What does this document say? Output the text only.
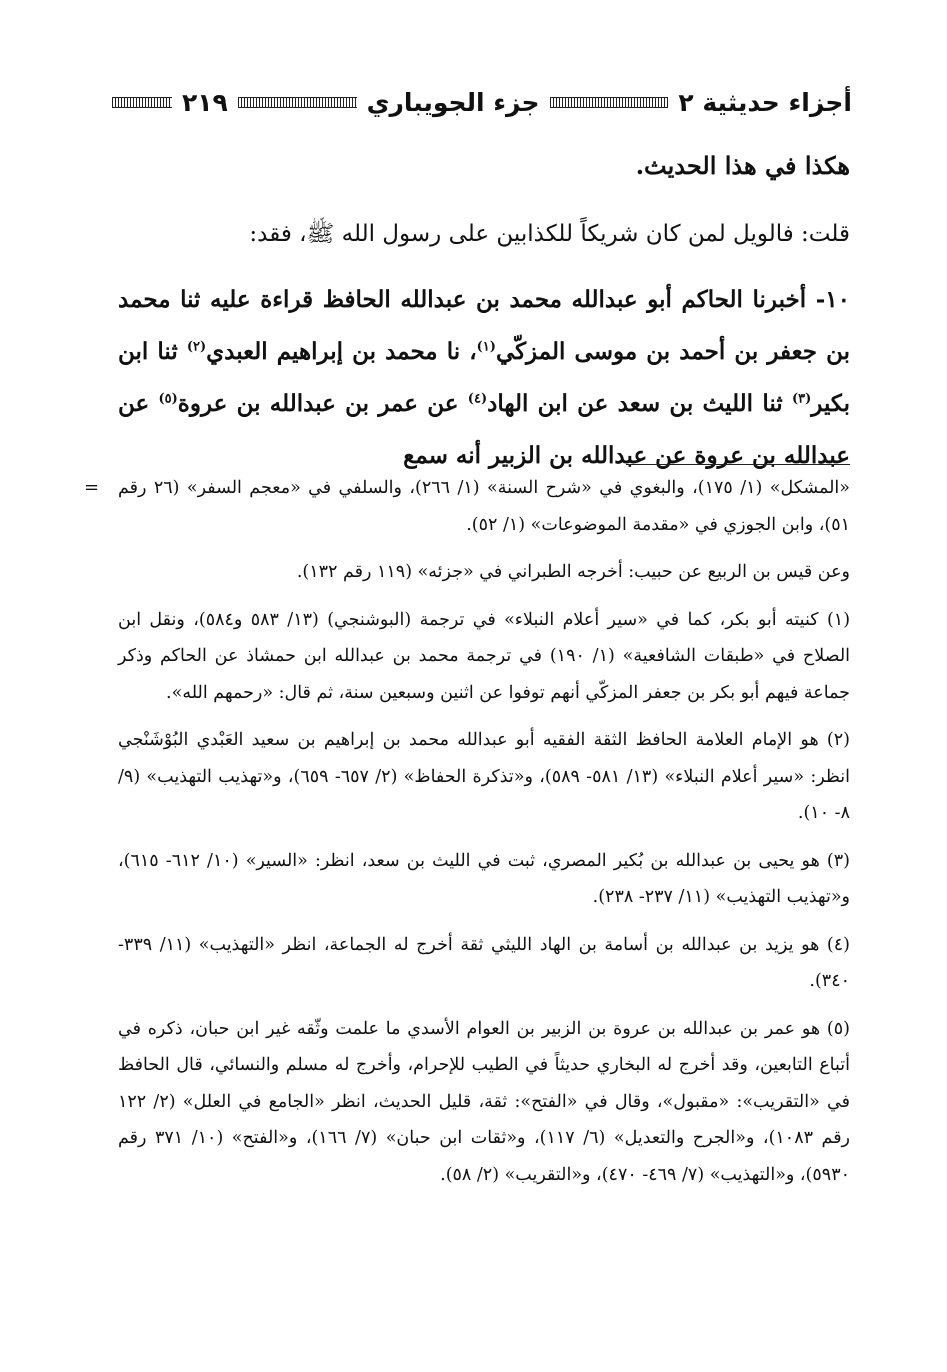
أجزاء حديثية ٢
جزء الجويباري
٢١٩

هكذا في هذا الحديث.

قلت: فالويل لمن كان شريكاً للكذابين على رسول الله ﷺ، فقد:

١٠- أخبرنا الحاكم أبو عبدالله محمد بن عبدالله الحافظ قراءة عليه ثنا محمد بن جعفر بن أحمد بن موسى المزكّي$^{(١)}$، نا محمد بن إبراهيم العبدي$^{(٢)}$ ثنا ابن بكير$^{(٣)}$ ثنا الليث بن سعد عن ابن الهاد$^{(٤)}$ عن عمر بن عبدالله بن عروة$^{(٥)}$ عن عبدالله بن عروة عن عبدالله بن الزبير أنه سمع

= «المشكل» (١/ ١٧٥)، والبغوي في «شرح السنة» (١/ ٢٦٦)، والسلفي في «معجم السفر» (٢٦ رقم ٥١)، وابن الجوزي في «مقدمة الموضوعات» (١/ ٥٢).

وعن قيس بن الربيع عن حبيب: أخرجه الطبراني في «جزئه» (١١٩ رقم ١٣٢).

(١) كنيته أبو بكر، كما في «سير أعلام النبلاء» في ترجمة (البوشنجي) (١٣/ ٥٨٣ و٥٨٤)، ونقل ابن الصلاح في «طبقات الشافعية» (١/ ١٩٠) في ترجمة محمد بن عبدالله ابن حمشاذ عن الحاكم وذكر جماعة فيهم أبو بكر بن جعفر المزكّي أنهم توفوا عن اثنين وسبعين سنة، ثم قال: «رحمهم الله».

(٢) هو الإمام العلامة الحافظ الثقة الفقيه أبو عبدالله محمد بن إبراهيم بن سعيد العَبْدي البُوْشَنْجي انظر: «سير أعلام النبلاء» (١٣/ ٥٨١- ٥٨٩)، و«تذكرة الحفاظ» (٢/ ٦٥٧- ٦٥٩)، و«تهذيب التهذيب» (٩/ ٨- ١٠).

(٣) هو يحيى بن عبدالله بن بُكير المصري، ثبت في الليث بن سعد، انظر: «السير» (١٠/ ٦١٢- ٦١٥)، و«تهذيب التهذيب» (١١/ ٢٣٧- ٢٣٨).

(٤) هو يزيد بن عبدالله بن أسامة بن الهاد الليثي ثقة أخرج له الجماعة، انظر «التهذيب» (١١/ ٣٣٩- ٣٤٠).

(٥) هو عمر بن عبدالله بن عروة بن الزبير بن العوام الأسدي ما علمت وثّقه غير ابن حبان، ذكره في أتباع التابعين، وقد أخرج له البخاري حديثاً في الطيب للإحرام، وأخرج له مسلم والنسائي، قال الحافظ في «التقريب»: «مقبول»، وقال في «الفتح»: ثقة، قليل الحديث، انظر «الجامع في العلل» (٢/ ١٢٢ رقم ١٠٨٣)، و«الجرح والتعديل» (٦/ ١١٧)، و«ثقات ابن حبان» (٧/ ١٦٦)، و«الفتح» (١٠/ ٣٧١ رقم ٥٩٣٠)، و«التهذيب» (٧/ ٤٦٩- ٤٧٠)، و«التقريب» (٢/ ٥٨).
